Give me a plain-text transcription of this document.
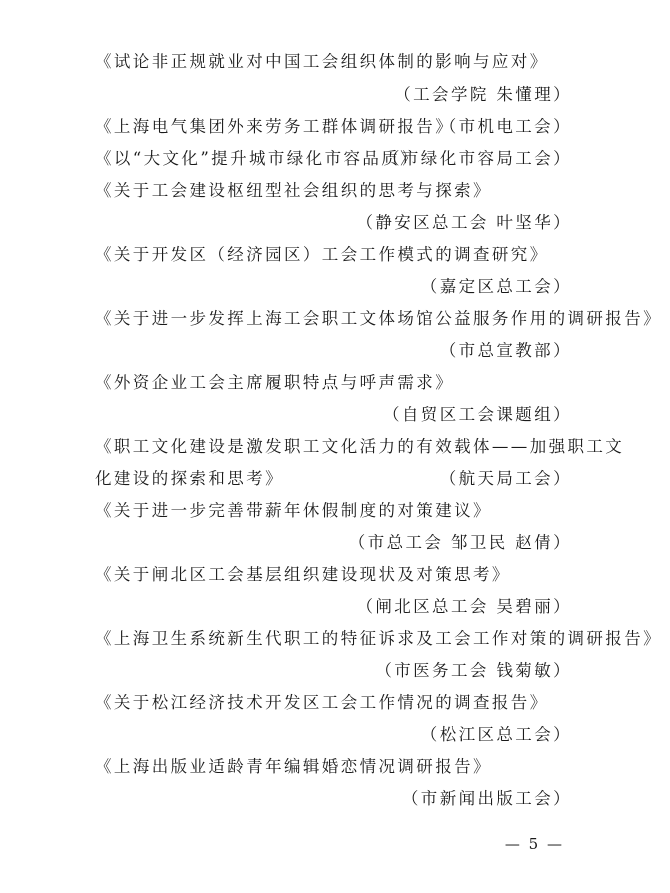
《试论非正规就业对中国工会组织体制的影响与应对》
（工会学院 朱懂理）
《上海电气集团外来劳务工群体调研报告》
（市机电工会）
《以“大文化”提升城市绿化市容品质》
（市绿化市容局工会）
《关于工会建设枢纽型社会组织的思考与探索》
（静安区总工会 叶坚华）
《关于开发区（经济园区）工会工作模式的调查研究》
（嘉定区总工会）
《关于进一步发挥上海工会职工文体场馆公益服务作用的调研报告》
（市总宣教部）
《外资企业工会主席履职特点与呼声需求》
（自贸区工会课题组）
《职工文化建设是激发职工文化活力的有效载体——加强职工文
化建设的探索和思考》	（航天局工会）
《关于进一步完善带薪年休假制度的对策建议》
（市总工会 邹卫民 赵倩）
《关于闸北区工会基层组织建设现状及对策思考》
（闸北区总工会 吴碧丽）
《上海卫生系统新生代职工的特征诉求及工会工作对策的调研报告》
（市医务工会 钱菊敏）
《关于松江经济技术开发区工会工作情况的调查报告》
（松江区总工会）
《上海出版业适龄青年编辑婚恋情况调研报告》
（市新闻出版工会）
— 5 —
